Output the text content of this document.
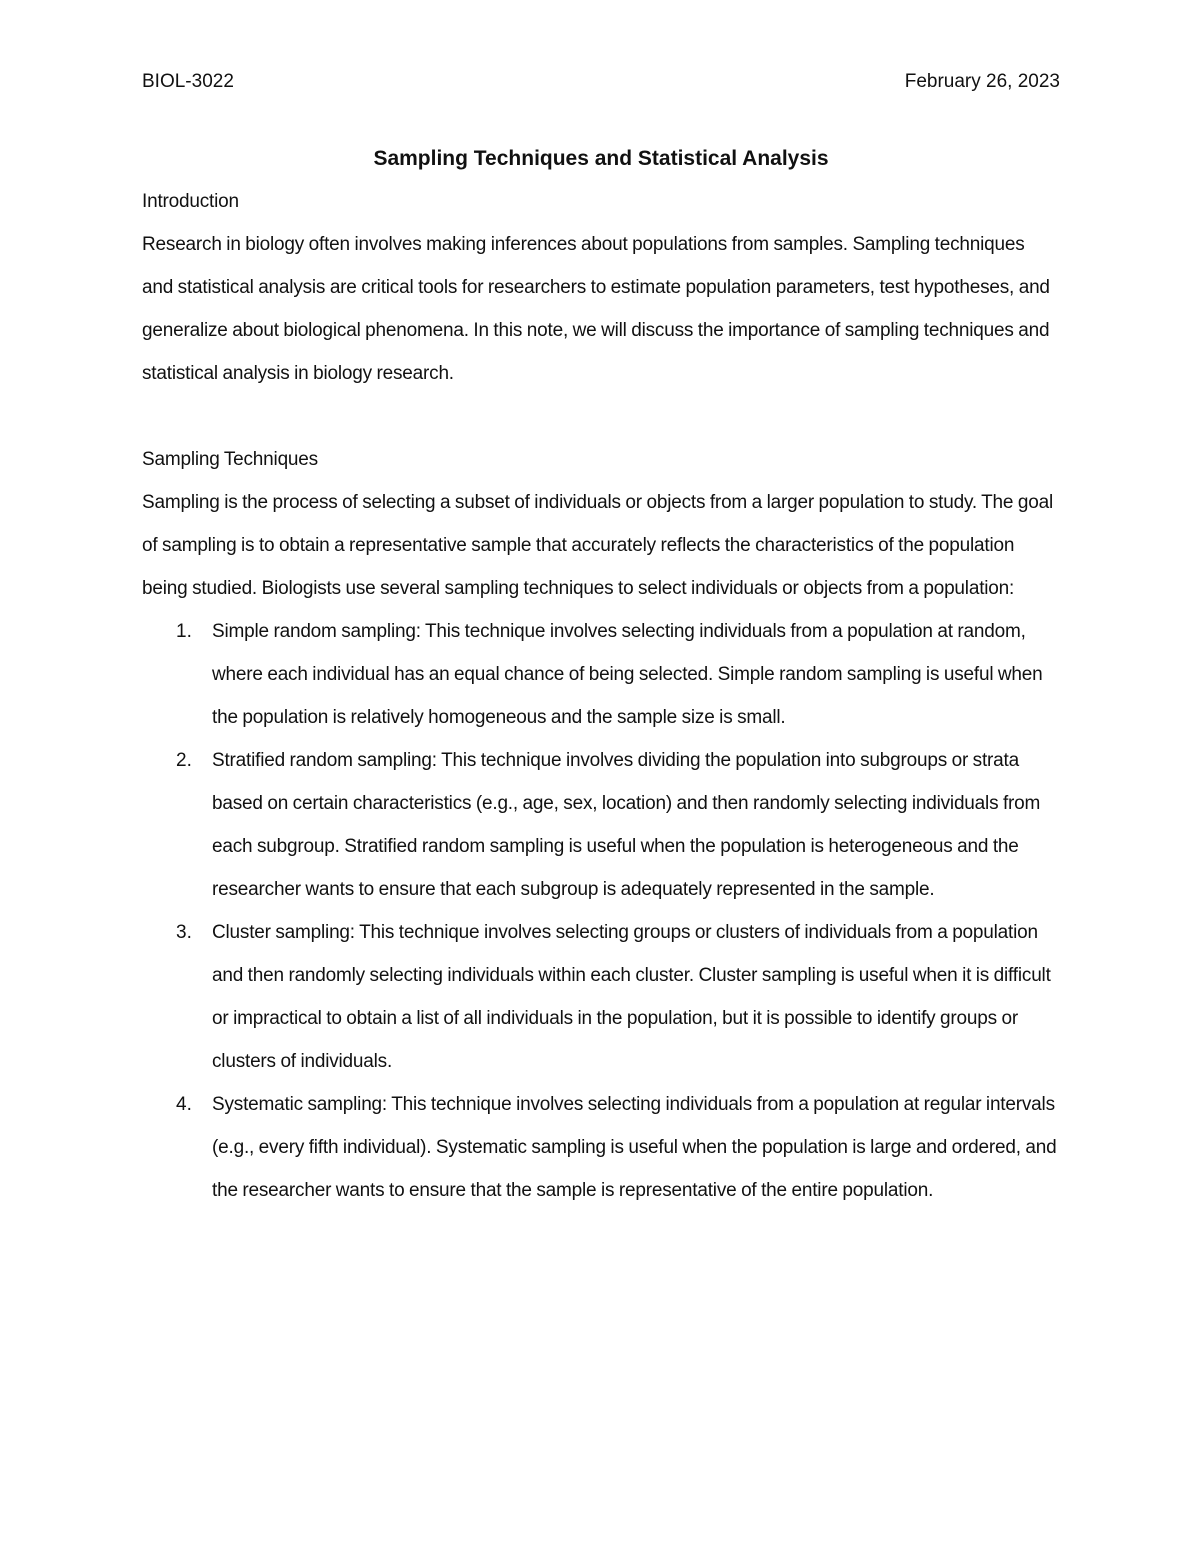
BIOL-3022	February 26, 2023
Sampling Techniques and Statistical Analysis
Introduction

Research in biology often involves making inferences about populations from samples. Sampling techniques and statistical analysis are critical tools for researchers to estimate population parameters, test hypotheses, and generalize about biological phenomena. In this note, we will discuss the importance of sampling techniques and statistical analysis in biology research.

Sampling Techniques

Sampling is the process of selecting a subset of individuals or objects from a larger population to study. The goal of sampling is to obtain a representative sample that accurately reflects the characteristics of the population being studied. Biologists use several sampling techniques to select individuals or objects from a population:

1. Simple random sampling: This technique involves selecting individuals from a population at random, where each individual has an equal chance of being selected. Simple random sampling is useful when the population is relatively homogeneous and the sample size is small.
2. Stratified random sampling: This technique involves dividing the population into subgroups or strata based on certain characteristics (e.g., age, sex, location) and then randomly selecting individuals from each subgroup. Stratified random sampling is useful when the population is heterogeneous and the researcher wants to ensure that each subgroup is adequately represented in the sample.
3. Cluster sampling: This technique involves selecting groups or clusters of individuals from a population and then randomly selecting individuals within each cluster. Cluster sampling is useful when it is difficult or impractical to obtain a list of all individuals in the population, but it is possible to identify groups or clusters of individuals.
4. Systematic sampling: This technique involves selecting individuals from a population at regular intervals (e.g., every fifth individual). Systematic sampling is useful when the population is large and ordered, and the researcher wants to ensure that the sample is representative of the entire population.
